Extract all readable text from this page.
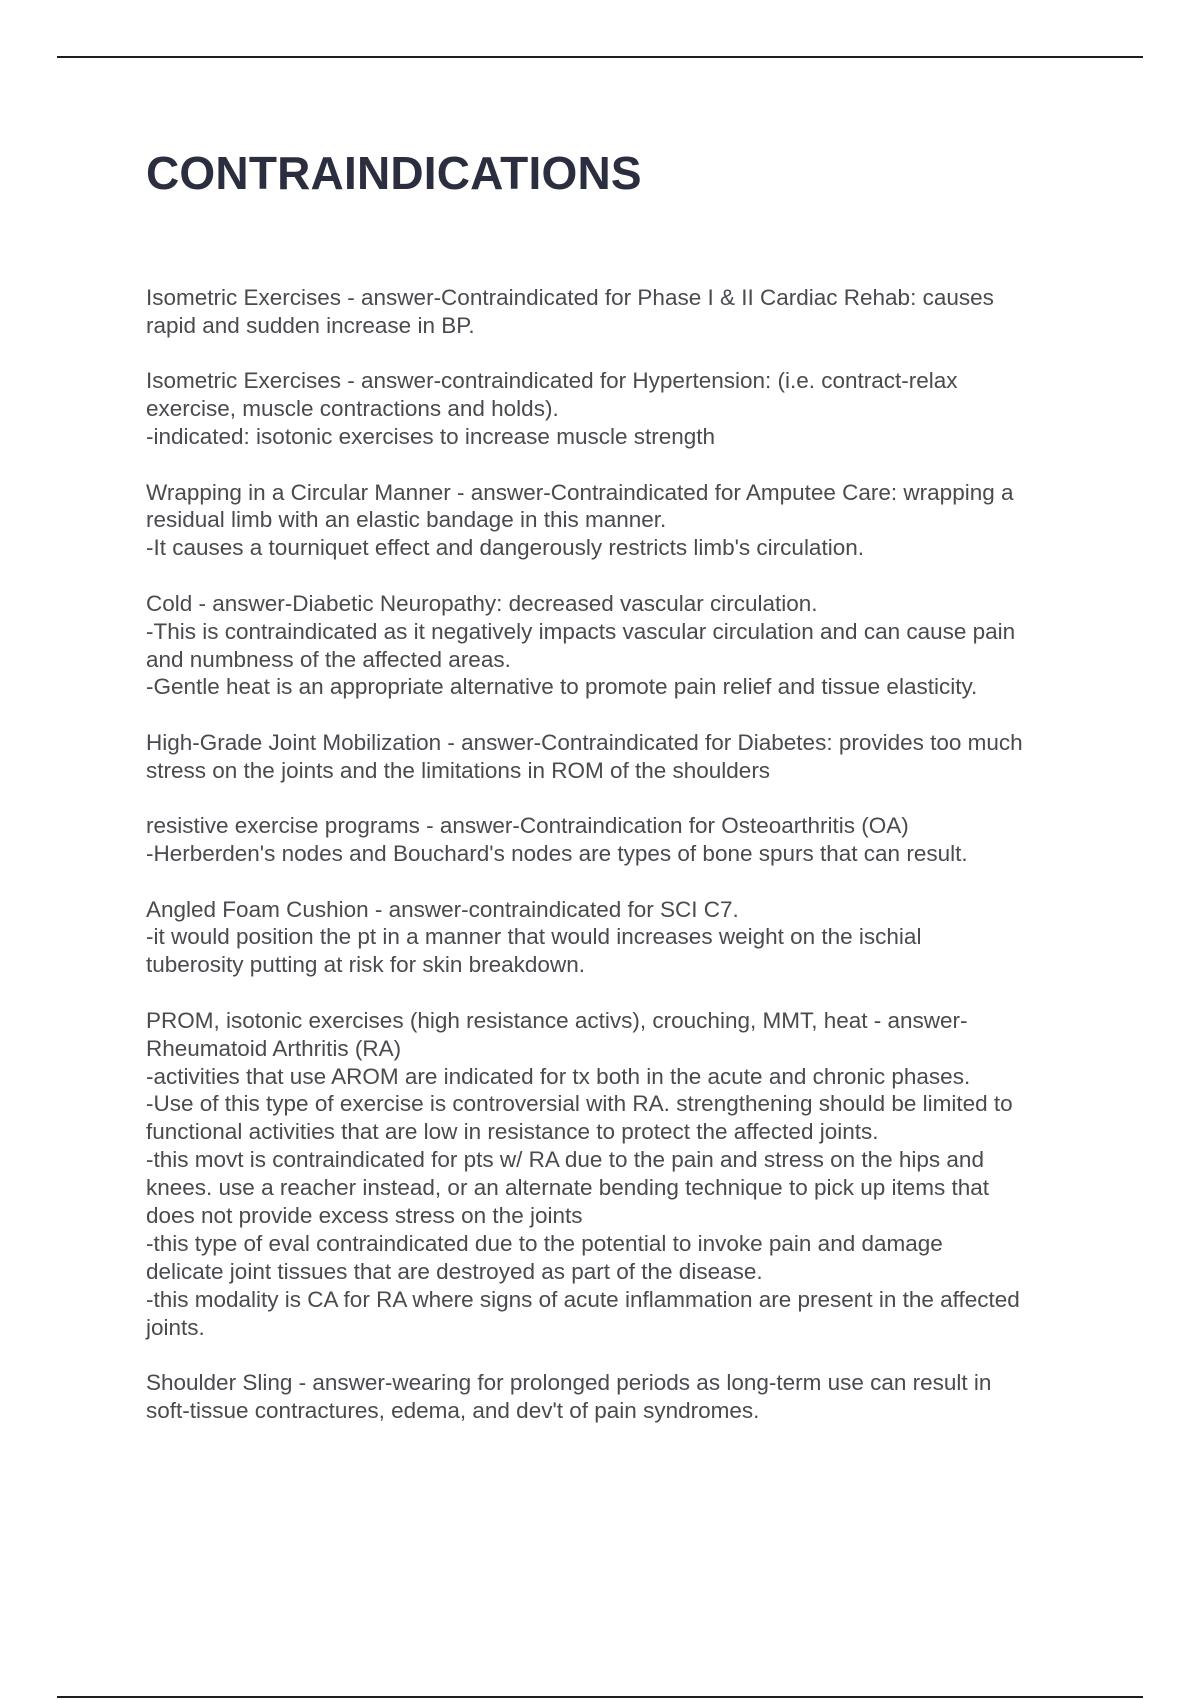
CONTRAINDICATIONS
Isometric Exercises - answer-Contraindicated for Phase I & II Cardiac Rehab: causes
rapid and sudden increase in BP.
Isometric Exercises - answer-contraindicated for Hypertension: (i.e. contract-relax
exercise, muscle contractions and holds).
-indicated: isotonic exercises to increase muscle strength
Wrapping in a Circular Manner - answer-Contraindicated for Amputee Care: wrapping a
residual limb with an elastic bandage in this manner.
-It causes a tourniquet effect and dangerously restricts limb's circulation.
Cold - answer-Diabetic Neuropathy: decreased vascular circulation.
-This is contraindicated as it negatively impacts vascular circulation and can cause pain
and numbness of the affected areas.
-Gentle heat is an appropriate alternative to promote pain relief and tissue elasticity.
High-Grade Joint Mobilization - answer-Contraindicated for Diabetes: provides too much
stress on the joints and the limitations in ROM of the shoulders
resistive exercise programs - answer-Contraindication for Osteoarthritis (OA)
-Herberden's nodes and Bouchard's nodes are types of bone spurs that can result.
Angled Foam Cushion - answer-contraindicated for SCI C7.
-it would position the pt in a manner that would increases weight on the ischial
tuberosity putting at risk for skin breakdown.
PROM, isotonic exercises (high resistance activs), crouching, MMT, heat - answer-
Rheumatoid Arthritis (RA)
-activities that use AROM are indicated for tx both in the acute and chronic phases.
-Use of this type of exercise is controversial with RA. strengthening should be limited to
functional activities that are low in resistance to protect the affected joints.
-this movt is contraindicated for pts w/ RA due to the pain and stress on the hips and
knees. use a reacher instead, or an alternate bending technique to pick up items that
does not provide excess stress on the joints
-this type of eval contraindicated due to the potential to invoke pain and damage
delicate joint tissues that are destroyed as part of the disease.
-this modality is CA for RA where signs of acute inflammation are present in the affected
joints.
Shoulder Sling - answer-wearing for prolonged periods as long-term use can result in
soft-tissue contractures, edema, and dev't of pain syndromes.
